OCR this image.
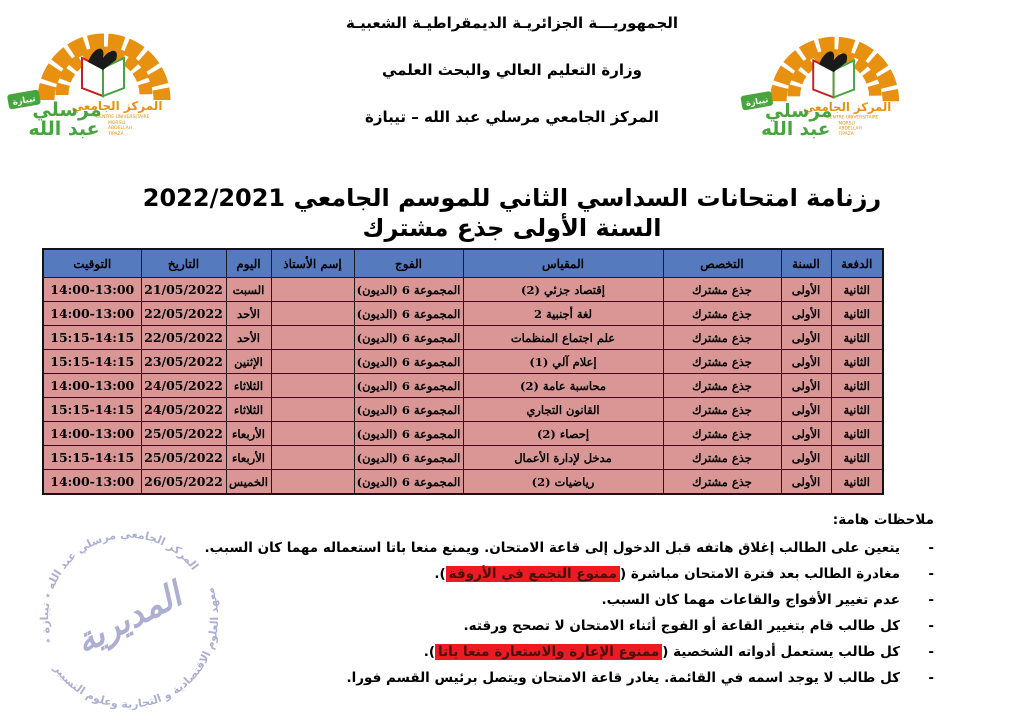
الجمهوريـــة الجزائريـة الديمقراطيـة الشعبيـة
وزارة التعليم العالي والبحث العلمي
المركز الجامعي مرسلي عبد الله – تيبازة
رزنامة امتحانات السداسي الثاني للموسم الجامعي 2022/2021
السنة الأولى جذع مشترك
الدفعة	السنة	التخصص	المقياس	الفوج	إسم الأستاذ	اليوم	التاريخ	التوقيت
الثانية	الأولى	جذع مشترك	إقتصاد جزئي (2)	المجموعة 6 (الديون)		السبت	21/05/2022	14:00-13:00
الثانية	الأولى	جذع مشترك	لغة أجنبية 2	المجموعة 6 (الديون)		الأحد	22/05/2022	14:00-13:00
الثانية	الأولى	جذع مشترك	علم اجتماع المنظمات	المجموعة 6 (الديون)		الأحد	22/05/2022	15:15-14:15
الثانية	الأولى	جذع مشترك	إعلام آلي (1)	المجموعة 6 (الديون)		الإثنين	23/05/2022	15:15-14:15
الثانية	الأولى	جذع مشترك	محاسبة عامة (2)	المجموعة 6 (الديون)		الثلاثاء	24/05/2022	14:00-13:00
الثانية	الأولى	جذع مشترك	القانون التجاري	المجموعة 6 (الديون)		الثلاثاء	24/05/2022	15:15-14:15
الثانية	الأولى	جذع مشترك	إحصاء (2)	المجموعة 6 (الديون)		الأربعاء	25/05/2022	14:00-13:00
الثانية	الأولى	جذع مشترك	مدخل لإدارة الأعمال	المجموعة 6 (الديون)		الأربعاء	25/05/2022	15:15-14:15
الثانية	الأولى	جذع مشترك	رياضيات (2)	المجموعة 6 (الديون)		الخميس	26/05/2022	14:00-13:00

ملاحظات هامة:

-
يتعين على الطالب إغلاق هاتفه قبل الدخول إلى قاعة الامتحان. ويمنع منعا باتا استعماله مهما كان السبب.
-
مغادرة الطالب بعد فترة الامتحان مباشرة (ممنوع التجمع في الأروقة).
-
عدم تغيير الأفواج والقاعات مهما كان السبب.
-
كل طالب قام بتغيير القاعة أو الفوج أثناء الامتحان لا تصحح ورقته.
-
كل طالب يستعمل أدواته الشخصية (ممنوع الإعارة والاستعارة منعا باتا).
-
كل طالب لا يوجد اسمه في القائمة. يغادر قاعة الامتحان ويتصل برئيس القسم فورا.
المركز الجامعي مرسلي عبد الله ٭ تيبازة ٭
معهد العلوم الاقتصادية و التجارية وعلوم التسيير
المديرية
